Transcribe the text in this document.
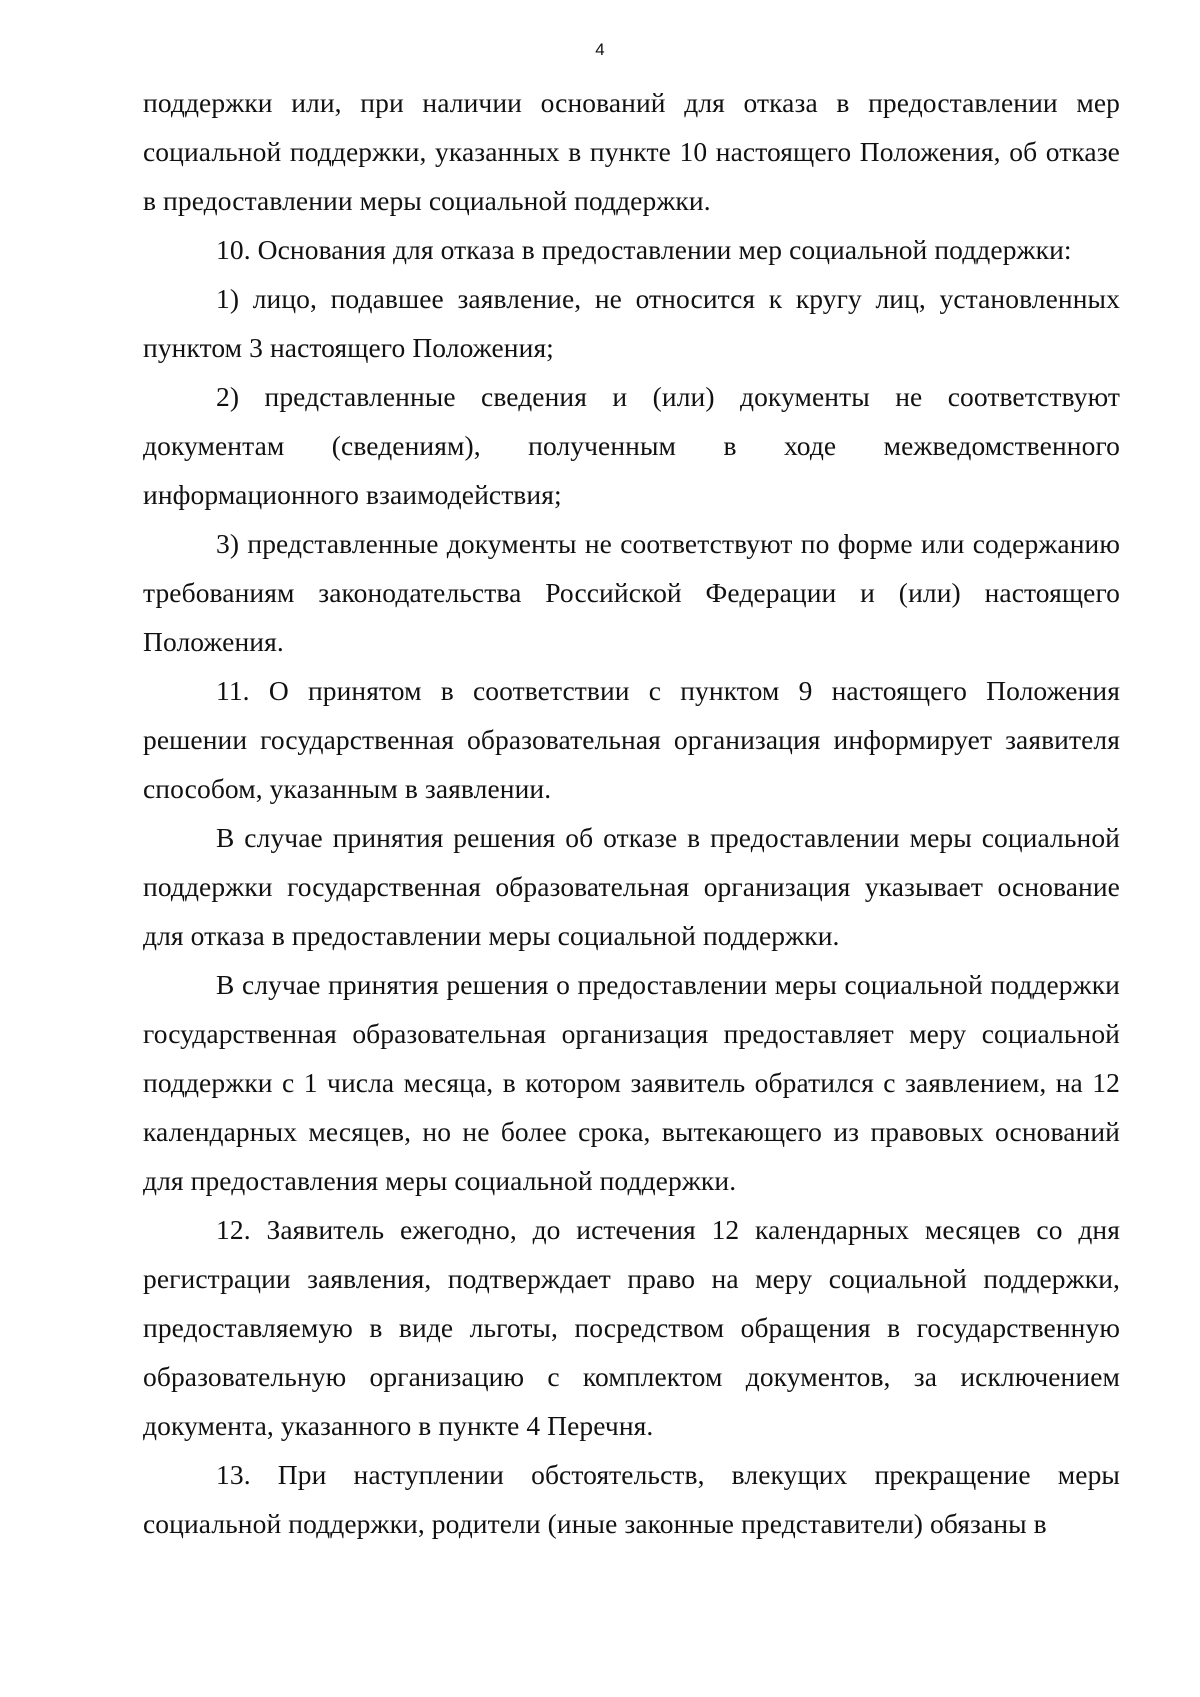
4

поддержки или, при наличии оснований для отказа в предоставлении мер социальной поддержки, указанных в пункте 10 настоящего Положения, об отказе в предоставлении меры социальной поддержки.

10. Основания для отказа в предоставлении мер социальной поддержки:

1) лицо, подавшее заявление, не относится к кругу лиц, установленных пунктом 3 настоящего Положения;

2) представленные сведения и (или) документы не соответствуют документам (сведениям), полученным в ходе межведомственного информационного взаимодействия;

3) представленные документы не соответствуют по форме или содержанию требованиям законодательства Российской Федерации и (или) настоящего Положения.

11. О принятом в соответствии с пунктом 9 настоящего Положения решении государственная образовательная организация информирует заявителя способом, указанным в заявлении.

В случае принятия решения об отказе в предоставлении меры социальной поддержки государственная образовательная организация указывает основание для отказа в предоставлении меры социальной поддержки.

В случае принятия решения о предоставлении меры социальной поддержки государственная образовательная организация предоставляет меру социальной поддержки с 1 числа месяца, в котором заявитель обратился с заявлением, на 12 календарных месяцев, но не более срока, вытекающего из правовых оснований для предоставления меры социальной поддержки.

12. Заявитель ежегодно, до истечения 12 календарных месяцев со дня регистрации заявления, подтверждает право на меру социальной поддержки, предоставляемую в виде льготы, посредством обращения в государственную образовательную организацию с комплектом документов, за исключением документа, указанного в пункте 4 Перечня.

13. При наступлении обстоятельств, влекущих прекращение меры социальной поддержки, родители (иные законные представители) обязаны в
